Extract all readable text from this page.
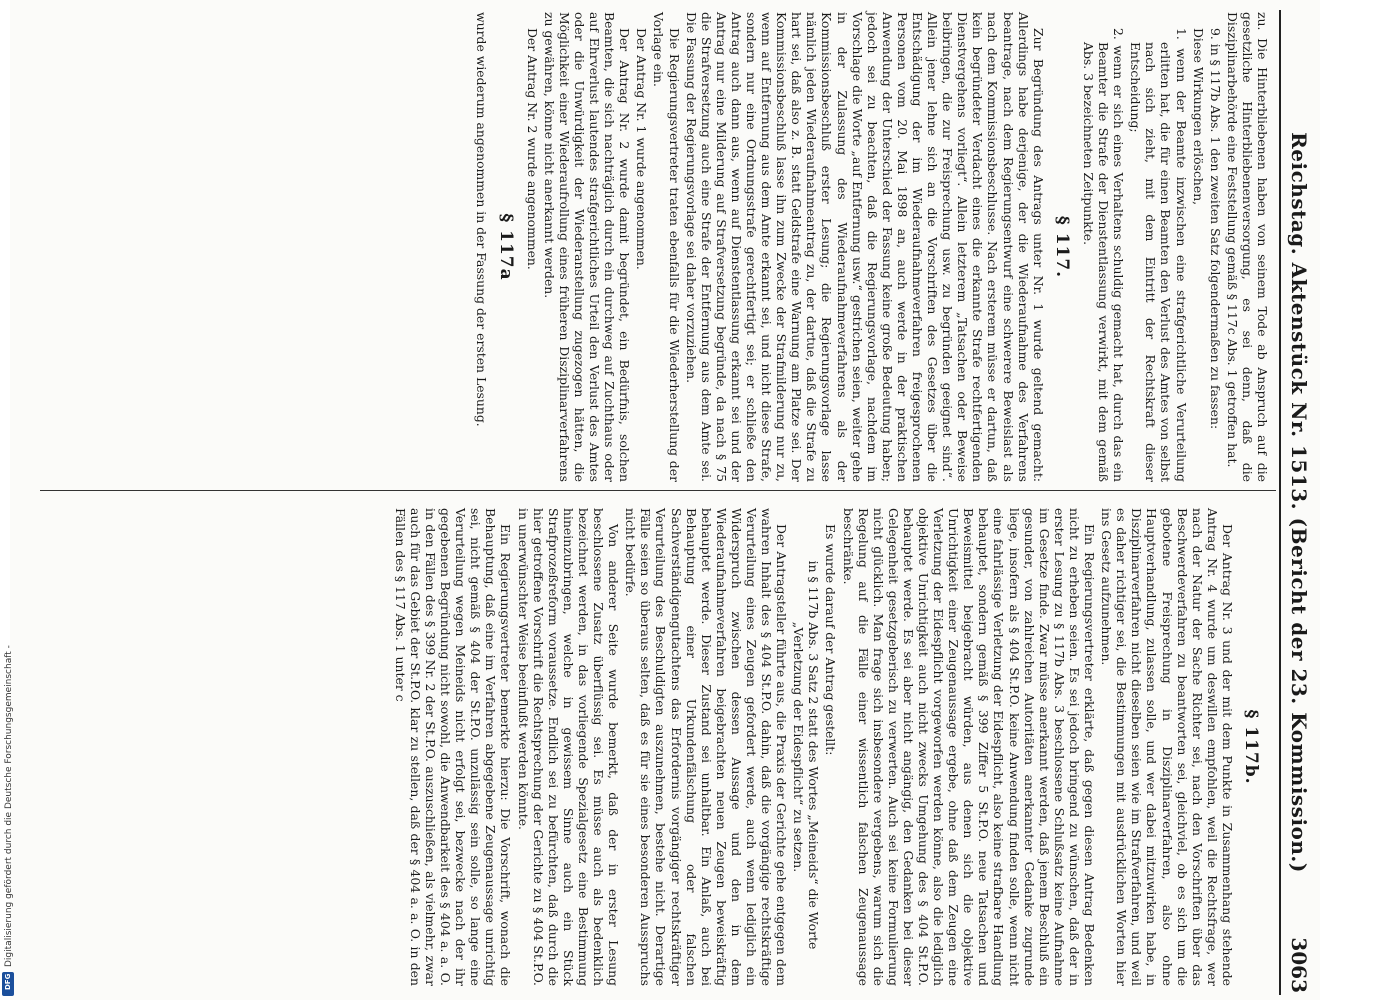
Reichstag. Aktenstück Nr. 1513. (Bericht der 23. Kommission.)
3063

zu. Die Hinterbliebenen haben von seinem Tode ab Anspruch auf die gesetzliche Hinterbliebenenversorgung, es sei denn, daß die Disziplinarbehörde eine Feststellung gemäß § 117c Abs. 1 getroffen hat.

9. in § 117b Abs. 1 den zweiten Satz folgendermaßen zu fassen:

Diese Wirkungen erlöschen,

1. wenn der Beamte inzwischen eine strafgerichtliche Verurteilung erlitten hat, die für einen Beamten den Verlust des Amtes von selbst nach sich zieht, mit dem Eintritt der Rechtskraft dieser Entscheidung;

2. wenn er sich eines Verhaltens schuldig gemacht hat, durch das ein Beamter die Strafe der Dienstentlassung verwirkt, mit dem gemäß Abs. 3 bezeichneten Zeitpunkte.

§ 117.

Zur Begründung des Antrags unter Nr. 1 wurde geltend gemacht: Allerdings habe derjenige, der die Wiederaufnahme des Verfahrens beantrage, nach dem Regierungsentwurf eine schwerere Beweislast als nach dem Kommissionsbeschlusse. Nach ersterem müsse er dartun, daß kein begründeter Verdacht eines die erkannte Strafe rechtfertigenden Dienstvergehens vorliegt“. Allein letzterem „Tatsachen oder Beweise beibringen, die zur Freisprechung usw. zu begründen geeignet sind“. Allein jener lehne sich an die Vorschriften des Gesetzes über die Entschädigung der im Wiederaufnahmeverfahren freigesprochenen Personen vom 20. Mai 1898 an, auch werde in der praktischen Anwendung der Unterschied der Fassung keine große Bedeutung haben; jedoch sei zu beachten, daß die Regierungsvorlage, nachdem im Vorschlage die Worte „auf Entfernung usw.“ gestrichen seien, weiter gehe in der Zulassung des Wiederaufnahmeverfahrens als der Kommissionsbeschluß erster Lesung; die Regierungsvorlage lasse nämlich jeden Wiederaufnahmeantrag zu, der dartue, daß die Strafe zu hart sei, daß also z. B. statt Geldstrafe eine Warnung am Platze sei. Der Kommissionsbeschluß lasse ihn zum Zwecke der Strafmilderung nur zu, wenn auf Entfernung aus dem Amte erkannt sei, und nicht diese Strafe, sondern nur eine Ordnungsstrafe gerechtfertigt sei; er schließe den Antrag auch dann aus, wenn auf Dienstentlassung erkannt sei und der Antrag nur eine Milderung auf Strafversetzung begründe, da nach § 75 die Strafversetzung auch eine Strafe der Entfernung aus dem Amte sei. Die Fassung der Regierungsvorlage sei daher vorzuziehen.

Die Regierungsvertreter traten ebenfalls für die Wiederherstellung der Vorlage ein.

Der Antrag Nr. 1 wurde angenommen.

Der Antrag Nr. 2 wurde damit begründet, ein Bedürfnis, solchen Beamten, die sich nachträglich durch ein durchweg auf Zuchthaus oder auf Ehrverlust lautendes strafgerichtliches Urteil den Verlust des Amtes oder die Unwürdigkeit der Wiederanstellung zugezogen hätten, die Möglichkeit einer Wiederaufrollung eines früheren Disziplinarverfahrens zu gewähren, könne nicht anerkannt werden.

Der Antrag Nr. 2 wurde angenommen.

§ 117a

wurde wiederum angenommen in der Fassung der ersten Lesung.

§ 117b.

Der Antrag Nr. 3 und der mit dem Punkte in Zusammenhang stehende Antrag Nr. 4 wurde um deswillen empfohlen, weil die Rechtsfrage, wer nach der Natur der Sache Richter sei, nach den Vorschriften über das Beschwerdeverfahren zu beantworten sei, gleichviel, ob es sich um die gebotene Freisprechung in Disziplinarverfahren, also ohne Hauptverhandlung, zulassen solle, und wer dabei mitzuwirken habe, in Disziplinarverfahren nicht dieselben seien wie im Strafverfahren, und weil es daher richtiger sei, die Bestimmungen mit ausdrücklichen Worten hier ins Gesetz aufzunehmen.

Ein Regierungsvertreter erklärte, daß gegen diesen Antrag Bedenken nicht zu erheben seien. Es sei jedoch bringend zu wünschen, daß der in erster Lesung zu § 117b Abs. 3 beschlossene Schlußsatz keine Aufnahme im Gesetze finde. Zwar müsse anerkannt werden, daß jenem Beschluß ein gesunder, von zahlreichen Autoritäten anerkannter Gedanke zugrunde liege, insofern als § 404 St.P.O. keine Anwendung finden solle, wenn nicht eine fahrlässige Verletzung der Eidespflicht, also keine strafbare Handlung behauptet, sondern gemäß § 399 Ziffer 5 St.P.O. neue Tatsachen und Beweismittel beigebracht würden, aus denen sich die objektive Unrichtigkeit einer Zeugenaussage ergebe, ohne daß dem Zeugen eine Verletzung der Eidespflicht vorgeworfen werden könne, also die lediglich objektive Unrichtigkeit auch nicht zwecks Umgehung des § 404 St.P.O. behauptet werde. Es sei aber nicht angängig, den Gedanken bei dieser Gelegenheit gesetzgeberisch zu verwerten. Auch sei keine Formulierung nicht glücklich. Man frage sich insbesondere vergebens, warum sich die Regelung auf die Fälle einer wissentlich falschen Zeugenaussage beschränke.

Es wurde darauf der Antrag gestellt:

in § 117b Abs. 3 Satz 2 statt des Wortes „Meineids“ die Worte „Verletzung der Eidespflicht“ zu setzen.

Der Antragsteller führte aus, die Praxis der Gerichte gehe entgegen dem wahren Inhalt des § 404 St.P.O. dahin, daß die vorgängige rechtskräftige Verurteilung eines Zeugen gefordert werde, auch wenn lediglich ein Widerspruch zwischen dessen Aussage und den in dem Wiederaufnahmeverfahren beigebrachten neuen Zeugen beweiskräftig behauptet werde. Dieser Zustand sei unhaltbar. Ein Anlaß, auch bei Behauptung einer Urkundenfälschung oder falschen Sachverständigengutachtens das Erfordernis vorgängiger rechtskräftiger Verurteilung des Beschuldigten auszunehmen, bestehe nicht. Derartige Fälle seien so überaus selten, daß es für sie eines besonderen Ausspruchs nicht bedürfe.

Von anderer Seite wurde bemerkt, daß der in erster Lesung beschlossene Zusatz überflüssig sei. Es müsse auch als bedenklich bezeichnet werden, in das vorliegende Spezialgesetz eine Bestimmung hineinzubringen, welche in gewissem Sinne auch ein Stück Strafprozeßreform voraussetze. Endlich sei zu befürchten, daß durch die hier getroffene Vorschrift die Rechtsprechung der Gerichte zu § 404 St.P.O. in unerwünschter Weise beeinflußt werden könnte.

Ein Regierungsvertreter bemerkte hierzu: Die Vorschrift, wonach die Behauptung, daß eine im Verfahren abgegebene Zeugenaussage unrichtig sei, nicht gemäß § 404 der St.P.O. unzulässig sein solle, so lange eine Verurteilung wegen Meineids nicht erfolgt sei, bezwecke nach der ihr gegebenen Begründung nicht sowohl, die Anwendbarkeit des § 404 a. a. O. in den Fällen des § 399 Nr. 2 der St.P.O. auszuschließen, als vielmehr, zwar auch für das Gebiet der St.P.O. klar zu stellen, daß der § 404 a. a. O. in den Fällen des § 117 Abs. 1 unter c

Digitalisierung gefördert durch die Deutsche Forschungsgemeinschaft -
DFG
